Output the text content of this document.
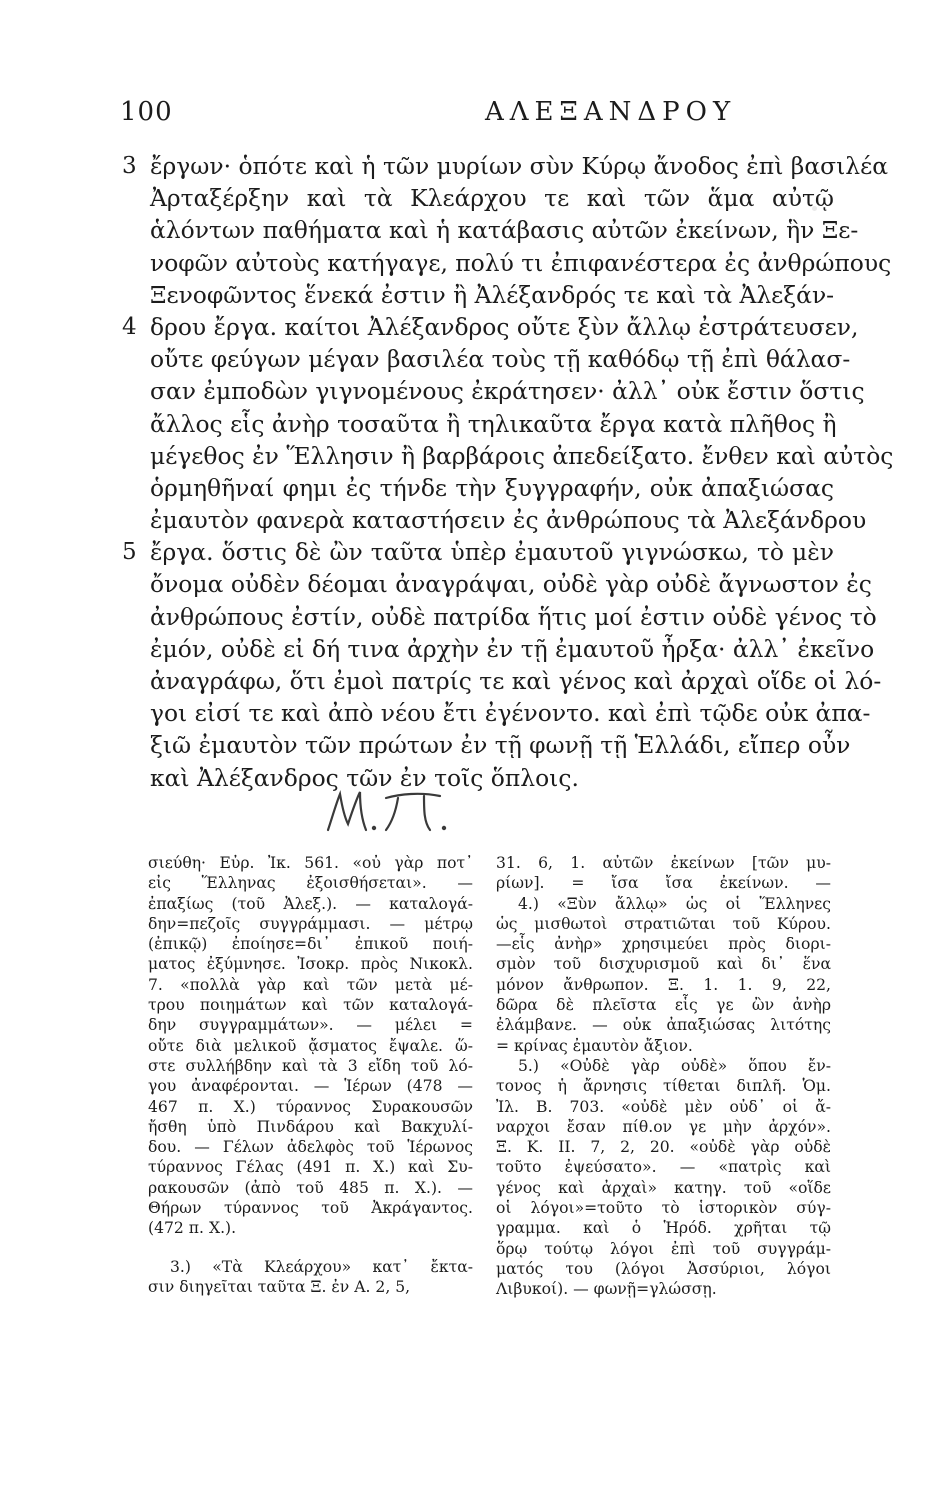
100	ΑΛΕΞΑΝΔΡΟΥ
3 ἔργων· ὁπότε καὶ ἡ τῶν μυρίων σὺν Κύρῳ ἄνοδος ἐπὶ βασιλέα
Ἀρταξέρξην καὶ τὰ Κλεάρχου τε καὶ τῶν ἅμα αὐτῷ
ἁλόντων παθήματα καὶ ἡ κατάβασις αὐτῶν ἐκείνων, ἣν Ξε-
νοφῶν αὐτοὺς κατήγαγε, πολύ τι ἐπιφανέστερα ἐς ἀνθρώπους
Ξενοφῶντος ἕνεκά ἐστιν ἢ Ἀλέξανδρός τε καὶ τὰ Ἀλεξάν-
4 δρου ἔργα. καίτοι Ἀλέξανδρος οὔτε ξὺν ἄλλῳ ἐστράτευσεν,
οὔτε φεύγων μέγαν βασιλέα τοὺς τῇ καθόδῳ τῇ ἐπὶ θάλασ-
σαν ἐμποδὼν γιγνομένους ἐκράτησεν· ἀλλ᾽ οὐκ ἔστιν ὅστις
ἄλλος εἷς ἀνὴρ τοσαῦτα ἢ τηλικαῦτα ἔργα κατὰ πλῆθος ἢ
μέγεθος ἐν Ἕλλησιν ἢ βαρβάροις ἀπεδείξατο. ἔνθεν καὶ αὐτὸς
ὁρμηθῆναί φημι ἐς τήνδε τὴν ξυγγραφήν, οὐκ ἀπαξιώσας
ἐμαυτὸν φανερὰ καταστήσειν ἐς ἀνθρώπους τὰ Ἀλεξάνδρου
5 ἔργα. ὅστις δὲ ὢν ταῦτα ὑπὲρ ἐμαυτοῦ γιγνώσκω, τὸ μὲν
ὄνομα οὐδὲν δέομαι ἀναγράψαι, οὐδὲ γὰρ οὐδὲ ἄγνωστον ἐς
ἀνθρώπους ἐστίν, οὐδὲ πατρίδα ἥτις μοί ἐστιν οὐδὲ γένος τὸ
ἐμόν, οὐδὲ εἰ δή τινα ἀρχὴν ἐν τῇ ἐμαυτοῦ ἦρξα· ἀλλ᾽ ἐκεῖνο
ἀναγράφω, ὅτι ἐμοὶ πατρίς τε καὶ γένος καὶ ἀρχαὶ οἵδε οἱ λό-
γοι εἰσί τε καὶ ἀπὸ νέου ἔτι ἐγένοντο. καὶ ἐπὶ τῷδε οὐκ ἀπα-
ξιῶ ἐμαυτὸν τῶν πρώτων ἐν τῇ φωνῇ τῇ Ἑλλάδι, εἴπερ οὖν
καὶ Ἀλέξανδρος τῶν ἐν τοῖς ὅπλοις.
σιεύθη· Εὐρ. Ἰκ. 561. «οὐ γὰρ ποτ᾽
εἰς Ἕλληνας ἐξοισθήσεται». —
ἐπαξίως (τοῦ Ἀλεξ.). — καταλογά-
δην=πεζοῖς συγγράμμασι. — μέτρῳ
(ἐπικῷ) ἐποίησε=δι᾽ ἐπικοῦ ποιή-
ματος ἐξύμνησε. Ἰσοκρ. πρὸς Νικοκλ.
7. «πολλὰ γὰρ καὶ τῶν μετὰ μέ-
τρου ποιημάτων καὶ τῶν καταλογά-
δην συγγραμμάτων». — μέλει =
οὔτε διὰ μελικοῦ ᾄσματος ἔψαλε. ὥ-
στε συλλήβδην καὶ τὰ 3 εἴδη τοῦ λό-
γου ἀναφέρονται. — Ἱέρων (478 —
467 π. Χ.) τύραννος Συρακουσῶν
ἤσθη ὑπὸ Πινδάρου καὶ Βακχυλί-
δου. — Γέλων ἀδελφὸς τοῦ Ἱέρωνος
τύραννος Γέλας (491 π. Χ.) καὶ Συ-
ρακουσῶν (ἀπὸ τοῦ 485 π. Χ.). —
Θήρων τύραννος τοῦ Ἀκράγαντος.
(472 π. Χ.).
3.) «Τὰ Κλεάρχου» κατ᾽ ἔκτα-
σιν διηγεῖται ταῦτα Ξ. ἐν Α. 2, 5,
31. 6, 1. αὐτῶν ἐκείνων [τῶν μυ-
ρίων]. = ἴσα ἴσα ἐκείνων. —
4.) «Ξὺν ἄλλῳ» ὡς οἱ Ἕλληνες
ὡς μισθωτοὶ στρατιῶται τοῦ Κύρου.
—εἷς ἀνὴρ» χρησιμεύει πρὸς διορι-
σμὸν τοῦ δισχυρισμοῦ καὶ δι᾽ ἕνα
μόνον ἄνθρωπον. Ξ. 1. 1. 9, 22,
δῶρα δὲ πλεῖστα εἷς γε ὢν ἀνὴρ
ἐλάμβανε. — οὐκ ἀπαξιώσας λιτότης
= κρίνας ἐμαυτὸν ἄξιον.
5.) «Οὐδὲ γὰρ οὐδὲ» ὅπου ἔν-
τονος ἡ ἄρνησις τίθεται διπλῆ. Ὁμ.
Ἰλ. Β. 703. «οὐδὲ μὲν οὐδ᾽ οἱ ἄ-
ναρχοι ἔσαν πίθ.ον γε μὴν ἀρχόν».
Ξ. Κ. ΙΙ. 7, 2, 20. «οὐδὲ γὰρ οὐδὲ
τοῦτο ἐψεύσατο». — «πατρὶς καὶ
γένος καὶ ἀρχαὶ» κατηγ. τοῦ «οἵδε
οἱ λόγοι»=τοῦτο τὸ ἱστορικὸν σύγ-
γραμμα. καὶ ὁ Ἡρόδ. χρῆται τῷ
ὅρῳ τούτῳ λόγοι ἐπὶ τοῦ συγγράμ-
ματός του (λόγοι Ἀσσύριοι, λόγοι
Λιβυκοί). — φωνῇ=γλώσσῃ.
